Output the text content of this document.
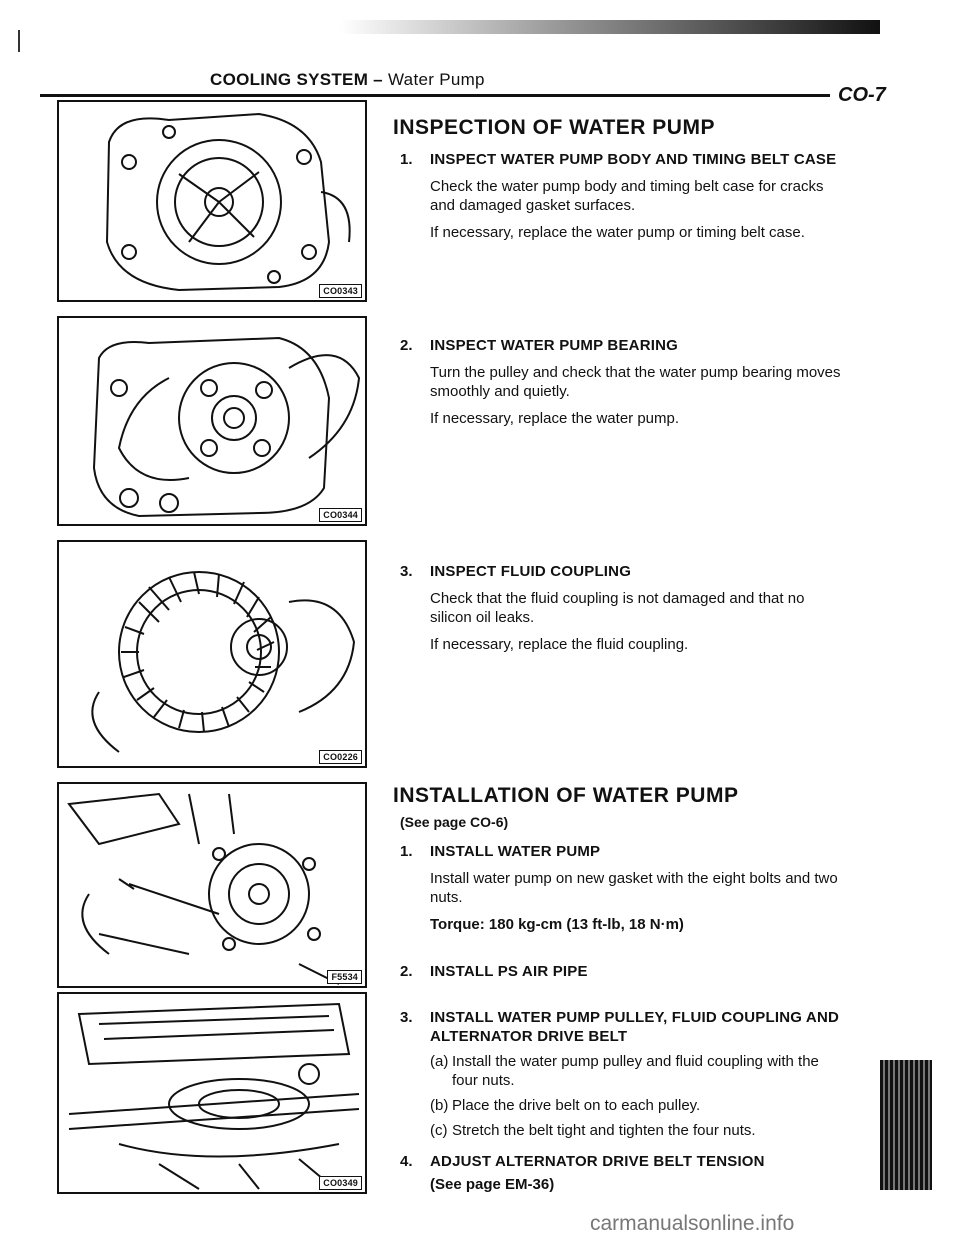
COOLING SYSTEM – Water Pump
CO-7
CO0343
CO0344
CO0226
F5534
CO0349
INSPECTION OF WATER PUMP
1. INSPECT WATER PUMP BODY AND TIMING BELT CASE

Check the water pump body and timing belt case for cracks and damaged gasket surfaces.

If necessary, replace the water pump or timing belt case.

2. INSPECT WATER PUMP BEARING

Turn the pulley and check that the water pump bearing moves smoothly and quietly.

If necessary, replace the water pump.

3. INSPECT FLUID COUPLING

Check that the fluid coupling is not damaged and that no silicon oil leaks.

If necessary, replace the fluid coupling.

INSTALLATION OF WATER PUMP
(See page CO-6)
1. INSTALL WATER PUMP

Install water pump on new gasket with the eight bolts and two nuts.

Torque: 180 kg-cm (13 ft-lb, 18 N·m)

2. INSTALL PS AIR PIPE
3. INSTALL WATER PUMP PULLEY, FLUID COUPLING AND ALTERNATOR DRIVE BELT
(a) Install the water pump pulley and fluid coupling with the four nuts.
(b) Place the drive belt on to each pulley.
(c) Stretch the belt tight and tighten the four nuts.
4. ADJUST ALTERNATOR DRIVE BELT TENSION

(See page EM-36)

carmanualsonline.info
